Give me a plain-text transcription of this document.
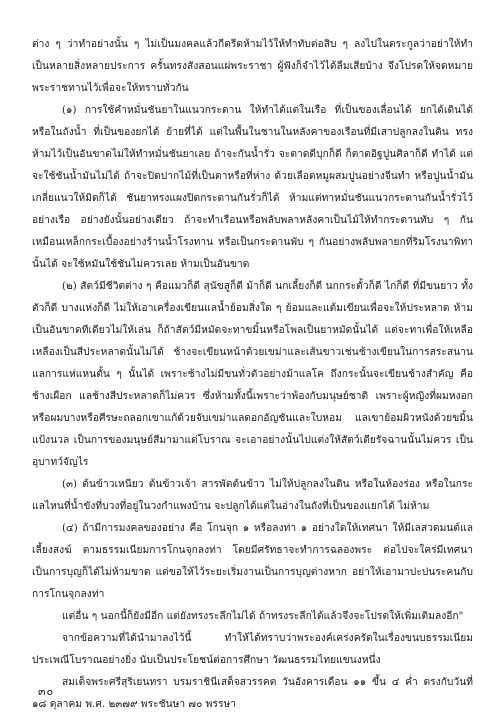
ต่าง ๆ ว่าทำอย่างนั้น ๆ ไม่เป็นมงคลแล้วกีดรีดห้ามไว้ให้ทำทับต่อสิบ ๆ ลงไปในตระกูลว่าอย่าให้ทำเป็นหลายสิ่งหลายประการ ครั้นทรงสังสอนแผ่พระราชา ผู้ฟังก็จำไว้ได้ลืมเสียบ้าง จึงโปรดให้จดหมายพระราชทานไว้เพื่อจะให้ทราบทั่วกัน

(๑) การใช้คำหมั่นชันยาในแนวกระดาน ให้ทำได้แต่ในเรือ ที่เป็นของเลื่อนได้ ยกได้เดินได้ หรือในถังน้ำ ที่เป็นของยกได้ ย้ายที่ได้ แต่ในพื้นในชานในหลังคาของเรือนที่มีเสาปลูกลงในดิน ทรงห้ามไว้เป็นอันขาดไม่ให้ทำหมั่นชันยาเลย ถ้าจะกันน้ำรั่ว จะตาดดีบุกก็ดี ก็ตาดอิฐปูนศิลาก็ดี ทำได้ แต่จะใช้ชันน้ำมันไม่ได้ ถ้าจะปิดปากไม้ที่เป็นตาหรือที่ห่าง ด้วยเลือดหมูผสมปูนอย่างจีนทำ หรือปูนน้ำมันเกลี่ยแนวให้มิดก็ได้ ชันยาทรงแผงปิดกระดานกันรั่วก็ได้ ห้ามแต่ทาหมั่นชันแนวกระดานกันน้ำรั่วไว้อย่างเรือ อย่างยังนั้นอย่างเดียว ถ้าจะทำเรือนหรือพลับพลาหลังคาเป็นไม้ให้ทำกระดานทับ ๆ กัน เหมือนเหล็กกระเบื้องอย่างร้านน้ำโรงทาน หรือเป็นกระดานพับ ๆ กันอย่างพลับพลายกที่ริมโรงนาพิทานั้นได้ จะใช้หมันใช้ชันไม่ควรเลย ห้ามเป็นอันขาด

(๒) สัตว์มีชีวิตต่าง ๆ คือแมวก็ดี สุนัขสูก็ดี ม้าก็ดี นกเลี้ยงก็ดี นกกระตั้วก็ดี ไก่ก็ดี ที่มีขนยาว ทั้งตัวก็ดี บางแห่งก็ดี ไม่ให้เอาเครื่องเขียนแลน้ำย้อมสิ่งใด ๆ ย้อมและแต้มเขียนเพื่อจะให้ประหลาด ห้ามเป็นอันขาดทีเดียวไม่ให้เล่น ก็ถ้าสัตว์มีหมัดจะทาขมิ้นหรือโพลเป็นยาหมัดนั้นได้ แต่จะทาเพื่อให้เหลือเหลืองเป็นสีประหลาดนั้นไม่ได้ ช้างจะเขียนหน้าด้วยเขม่าและเส้นขาวเช่นช้างเขียนในการสระสนานแลการแห่แหนตั้น ๆ นั้นได้ เพราะช้างไม่มีขนทั่วตัวอย่างม้าแลโค ถึงกระนั้นจะเขียนช้างสำคัญ คือช้างเผือก แลช้างสีประหลาดก็ไม่ควร ซึ่งห้ามทั้งนี้เพราะว่าพ้องกับมนุษย์ชาติ เพราะผู้หญิงที่ผมหงอกหรือผมบางหรือศีรษะถลอกเขาแก้ด้วยจับเขม่าแลดอกอัญชันและใบหอม แลเขาย้อมผิวหนังด้วยขมิ้นแป้งนวล เป็นการของมนุษย์สีมามาแต่โบราณ จะเอาอย่างนั้นไปแต่งให้สัตว์เดียรัจฉานนั้นไม่ควร เป็นอุบาทว์จัญไร

(๓) ต้นข้าวเหนียว ต้นข้าวเจ้า สารพัดต้นข้าว ไม่ให้ปลูกลงในดิน หรือในห้องร่อง หรือในกระแลไหนที่น้ำขังที่บวงที่อยู่ในวงกำแพงบ้าน จะปลูกได้แต่ในอ่างในถังที่เป็นของแยกได้ ไม่ห้าม

(๔) ถ้ามีการมงคลของอย่าง คือ โกนจุก ๑ หรือลงท่า ๑ อย่างใดให้เทศนา ให้มีเลสวดมนต์แลเลี้ยงสงฆ์ ตามธรรมเนียมการโกนจุกลงท่า โดยมีศรัทธาจะทำการฉลองพระ ต่อไปจะใคร่มีเทศนาเป็นการบุญก็ได้ไม่ห้ามขาด แต่ขอให้ไว้ระยะเริ่มงานเป็นการบุญต่างหาก อย่าให้เอามาปะปนระคนกับการโกนจุกลงท่า

แต่อื่น ๆ นอกนี้ก็ยังมีอีก แต่ยังทรงระลึกไม่ได้ ถ้าทรงระลึกได้แล้วจึงจะโปรดให้เพิ่มเติมลงอีก"

จากข้อความที่ได้นำมาลงไว้นี้ ทำให้ได้ทราบว่าพระองค์เคร่งครัดในเรื่องขนบธรรมเนียมประเพณีโบราณอย่างยิ่ง นับเป็นประโยชน์ต่อการศึกษา วัฒนธรรมไทยแขนงหนึ่ง

สมเด็จพระศรีสุริเยนทรา บรมราชินีเสด็จสวรรคต วันอังคารเดือน ๑๑ ขึ้น ๔ ค่ำ ตรงกับวันที่ ๑๘ ตุลาคม พ.ศ. ๒๓๗๙ พระชันษา ๗๐ พรรษา

๓๐
